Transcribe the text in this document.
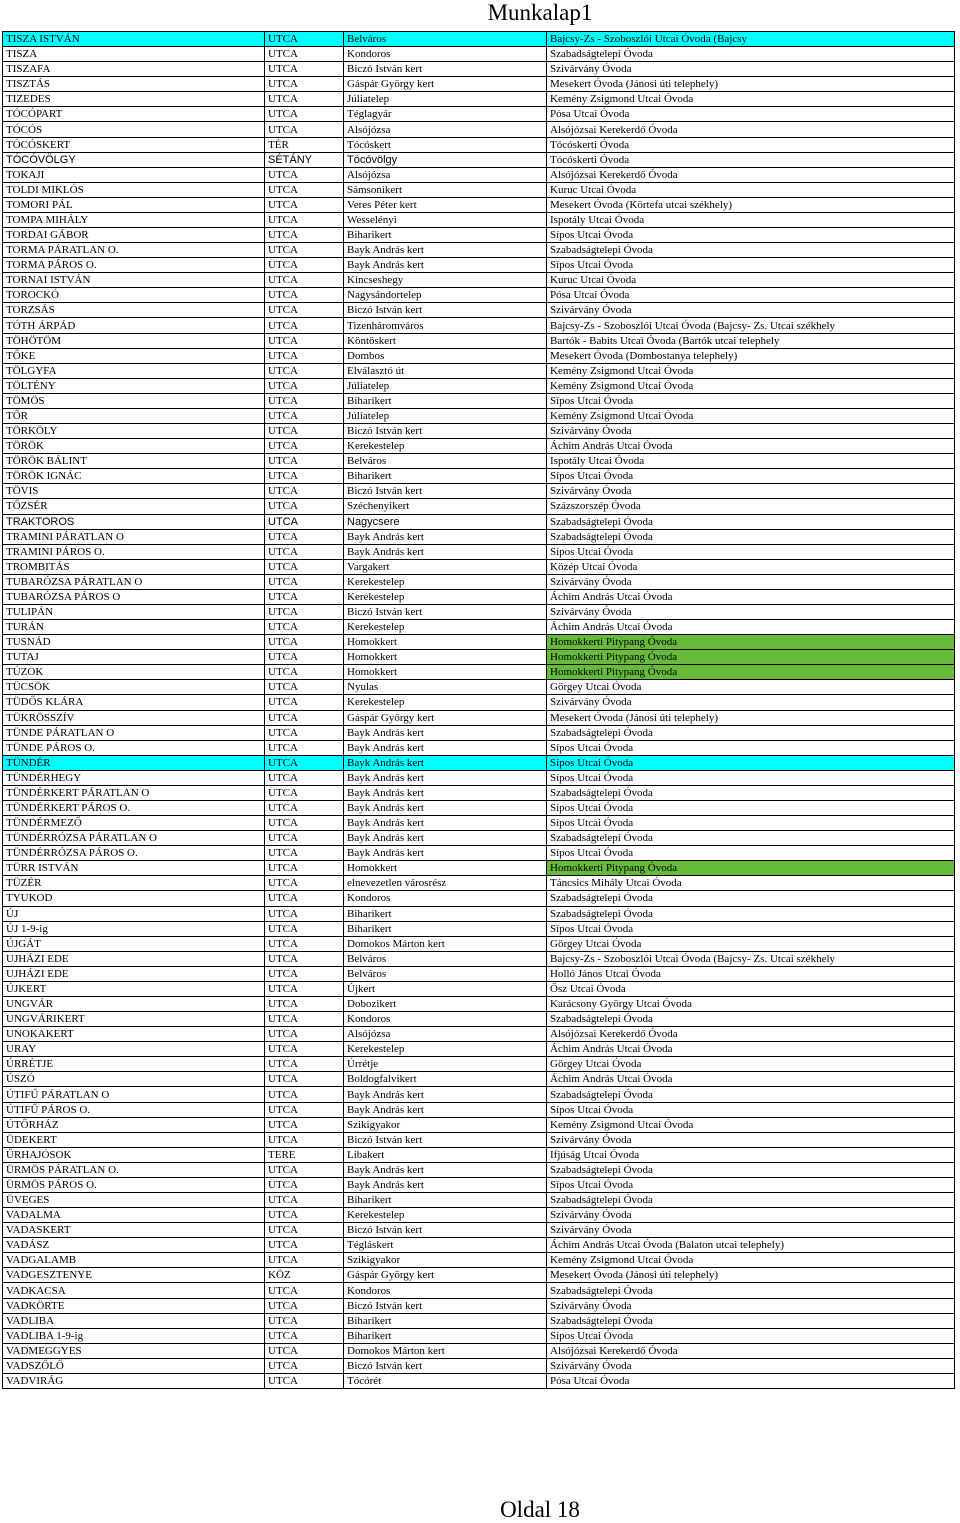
Munkalap1
TISZA ISTVÁN	UTCA	Belváros	Bajcsy-Zs - Szoboszlói Utcai Óvoda (Bajcsy
TISZA	UTCA	Kondoros	Szabadságtelepi Óvoda
TISZAFA	UTCA	Biczó István kert	Szivárvány Óvoda
TISZTÁS	UTCA	Gáspár György kert	Mesekert Óvoda (Jánosi úti telephely)
TIZEDES	UTCA	Júliatelep	Kemény Zsigmond Utcai Óvoda
TÓCÓPART	UTCA	Téglagyár	Pósa Utcai Óvoda
TÓCÓS	UTCA	Alsójózsa	Alsójózsai Kerekerdő Óvoda
TÓCÓSKERT	TÉR	Tócóskert	Tócóskerti Óvoda
TÓCÓVÖLGY	SÉTÁNY	Tócóvölgy	Tócóskerti Óvoda
TOKAJI	UTCA	Alsójózsa	Alsójózsai Kerekerdő Óvoda
TOLDI MIKLÓS	UTCA	Sámsonikert	Kuruc Utcai Óvoda
TOMORI PÁL	UTCA	Veres Péter kert	Mesekert Óvoda (Körtefa utcai székhely)
TOMPA MIHÁLY	UTCA	Wesselényi	Ispotály Utcai Óvoda
TORDAI GÁBOR	UTCA	Biharikert	Sípos Utcai Óvoda
TORMA PÁRATLAN O.	UTCA	Bayk András kert	Szabadságtelepi Óvoda
TORMA PÁROS O.	UTCA	Bayk András kert	Sípos Utcai Óvoda
TORNAI ISTVÁN	UTCA	Kincseshegy	Kuruc Utcai Óvoda
TOROCKÓ	UTCA	Nagysándortelep	Pósa Utcai Óvoda
TORZSÁS	UTCA	Biczó István kert	Szivárvány Óvoda
TÓTH ÁRPÁD	UTCA	Tizenháromváros	Bajcsy-Zs - Szoboszlói Utcai Óvoda (Bajcsy- Zs. Utcai székhely
TÖHÖTÖM	UTCA	Köntöskert	Bartók - Babits Utcai Óvoda (Bartók utcai telephely
TŐKE	UTCA	Dombos	Mesekert Óvoda (Dombostanya telephely)
TÖLGYFA	UTCA	Elválasztó út	Kemény Zsigmond Utcai Óvoda
TÖLTÉNY	UTCA	Júliatelep	Kemény Zsigmond Utcai Óvoda
TÖMÖS	UTCA	Biharikert	Sípos Utcai Óvoda
TŐR	UTCA	Júliatelep	Kemény Zsigmond Utcai Óvoda
TÖRKÖLY	UTCA	Biczó István kert	Szivárvány Óvoda
TÖRÖK	UTCA	Kerekestelep	Áchim András Utcai Óvoda
TÖRÖK BÁLINT	UTCA	Belváros	Ispotály Utcai Óvoda
TÖRÖK IGNÁC	UTCA	Biharikert	Sípos Utcai Óvoda
TÖVIS	UTCA	Biczó István kert	Szivárvány Óvoda
TŐZSÉR	UTCA	Széchenyikert	Százszorszép Óvoda
TRAKTOROS	UTCA	Nagycsere	Szabadságtelepi Óvoda
TRAMINI PÁRATLAN O	UTCA	Bayk András kert	Szabadságtelepi Óvoda
TRAMINI PÁROS O.	UTCA	Bayk András kert	Sípos Utcai Óvoda
TROMBITÁS	UTCA	Vargakert	Közép Utcai Óvoda
TUBARÓZSA PÁRATLAN O	UTCA	Kerekestelep	Szivárvány Óvoda
TUBARÓZSA PÁROS O	UTCA	Kerekestelep	Áchim András Utcai Óvoda
TULIPÁN	UTCA	Biczó István kert	Szivárvány Óvoda
TURÁN	UTCA	Kerekestelep	Áchim András Utcai Óvoda
TUSNÁD	UTCA	Homokkert	Homokkerti Pitypang Óvoda
TUTAJ	UTCA	Homokkert	Homokkerti Pitypang Óvoda
TÚZOK	UTCA	Homokkert	Homokkerti Pitypang Óvoda
TÜCSÖK	UTCA	Nyulas	Görgey Utcai Óvoda
TÜDŐS KLÁRA	UTCA	Kerekestelep	Szivárvány Óvoda
TÜKRÖSSZÍV	UTCA	Gáspár György kert	Mesekert Óvoda (Jánosi úti telephely)
TÜNDE PÁRATLAN O	UTCA	Bayk András kert	Szabadságtelepi Óvoda
TÜNDE PÁROS O.	UTCA	Bayk András kert	Sípos Utcai Óvoda
TÜNDÉR	UTCA	Bayk András kert	Sípos Utcai Óvoda
TÜNDÉRHEGY	UTCA	Bayk András kert	Sípos Utcai Óvoda
TÜNDÉRKERT PÁRATLAN O	UTCA	Bayk András kert	Szabadságtelepi Óvoda
TÜNDÉRKERT PÁROS O.	UTCA	Bayk András kert	Sípos Utcai Óvoda
TÜNDÉRMEZŐ	UTCA	Bayk András kert	Sípos Utcai Óvoda
TÜNDÉRRÓZSA PÁRATLAN O	UTCA	Bayk András kert	Szabadságtelepi Óvoda
TÜNDÉRRÓZSA PÁROS O.	UTCA	Bayk András kert	Sípos Utcai Óvoda
TÜRR ISTVÁN	UTCA	Homokkert	Homokkerti Pitypang Óvoda
TÜZÉR	UTCA	elnevezetlen városrész	Táncsics Mihály Utcai Óvoda
TYUKOD	UTCA	Kondoros	Szabadságtelepi Óvoda
ÚJ	UTCA	Biharikert	Szabadságtelepi Óvoda
ÚJ 1-9-ig	UTCA	Biharikert	Sípos Utcai Óvoda
ÚJGÁT	UTCA	Domokos Márton kert	Görgey Utcai Óvoda
UJHÁZI EDE	UTCA	Belváros	Bajcsy-Zs - Szoboszlói Utcai Óvoda (Bajcsy- Zs. Utcai székhely
UJHÁZI EDE	UTCA	Belváros	Holló János Utcai Óvoda
ÚJKERT	UTCA	Újkert	Ősz Utcai Óvoda
UNGVÁR	UTCA	Dobozikert	Karácsony György Utcai Óvoda
UNGVÁRIKERT	UTCA	Kondoros	Szabadságtelepi Óvoda
UNOKAKERT	UTCA	Alsójózsa	Alsójózsai Kerekerdő Óvoda
URAY	UTCA	Kerekestelep	Áchim András Utcai Óvoda
ÚRRÉTJE	UTCA	Úrrétje	Görgey Utcai Óvoda
ÚSZÓ	UTCA	Boldogfalvikert	Áchim András Utcai Óvoda
ÚTIFŰ PÁRATLAN O	UTCA	Bayk András kert	Szabadságtelepi Óvoda
ÚTIFŰ PÁROS O.	UTCA	Bayk András kert	Sípos Utcai Óvoda
ÚTŐRHÁZ	UTCA	Szikigyakor	Kemény Zsigmond Utcai Óvoda
ÜDEKERT	UTCA	Biczó István kert	Szivárvány Óvoda
ŰRHAJÓSOK	TERE	Libakert	Ifjúság Utcai Óvoda
ÜRMÖS PÁRATLAN O.	UTCA	Bayk András kert	Szabadságtelepi Óvoda
ÜRMÖS PÁROS O.	UTCA	Bayk András kert	Sípos Utcai Óvoda
ÜVEGES	UTCA	Biharikert	Szabadságtelepi Óvoda
VADALMA	UTCA	Kerekestelep	Szivárvány Óvoda
VADASKERT	UTCA	Biczó István kert	Szivárvány Óvoda
VADÁSZ	UTCA	Tégláskert	Áchim András Utcai Óvoda (Balaton utcai telephely)
VADGALAMB	UTCA	Szikigyakor	Kemény Zsigmond Utcai Óvoda
VADGESZTENYE	KÖZ	Gáspár György kert	Mesekert Óvoda (Jánosi úti telephely)
VADKACSA	UTCA	Kondoros	Szabadságtelepi Óvoda
VADKÖRTE	UTCA	Biczó István kert	Szivárvány Óvoda
VADLIBA	UTCA	Biharikert	Szabadságtelepi Óvoda
VADLIBA 1-9-ig	UTCA	Biharikert	Sípos Utcai Óvoda
VADMEGGYES	UTCA	Domokos Márton kert	Alsójózsai Kerekerdő Óvoda
VADSZŐLŐ	UTCA	Biczó István kert	Szivárvány Óvoda
VADVIRÁG	UTCA	Tócórét	Pósa Utcai Óvoda
Oldal 18
